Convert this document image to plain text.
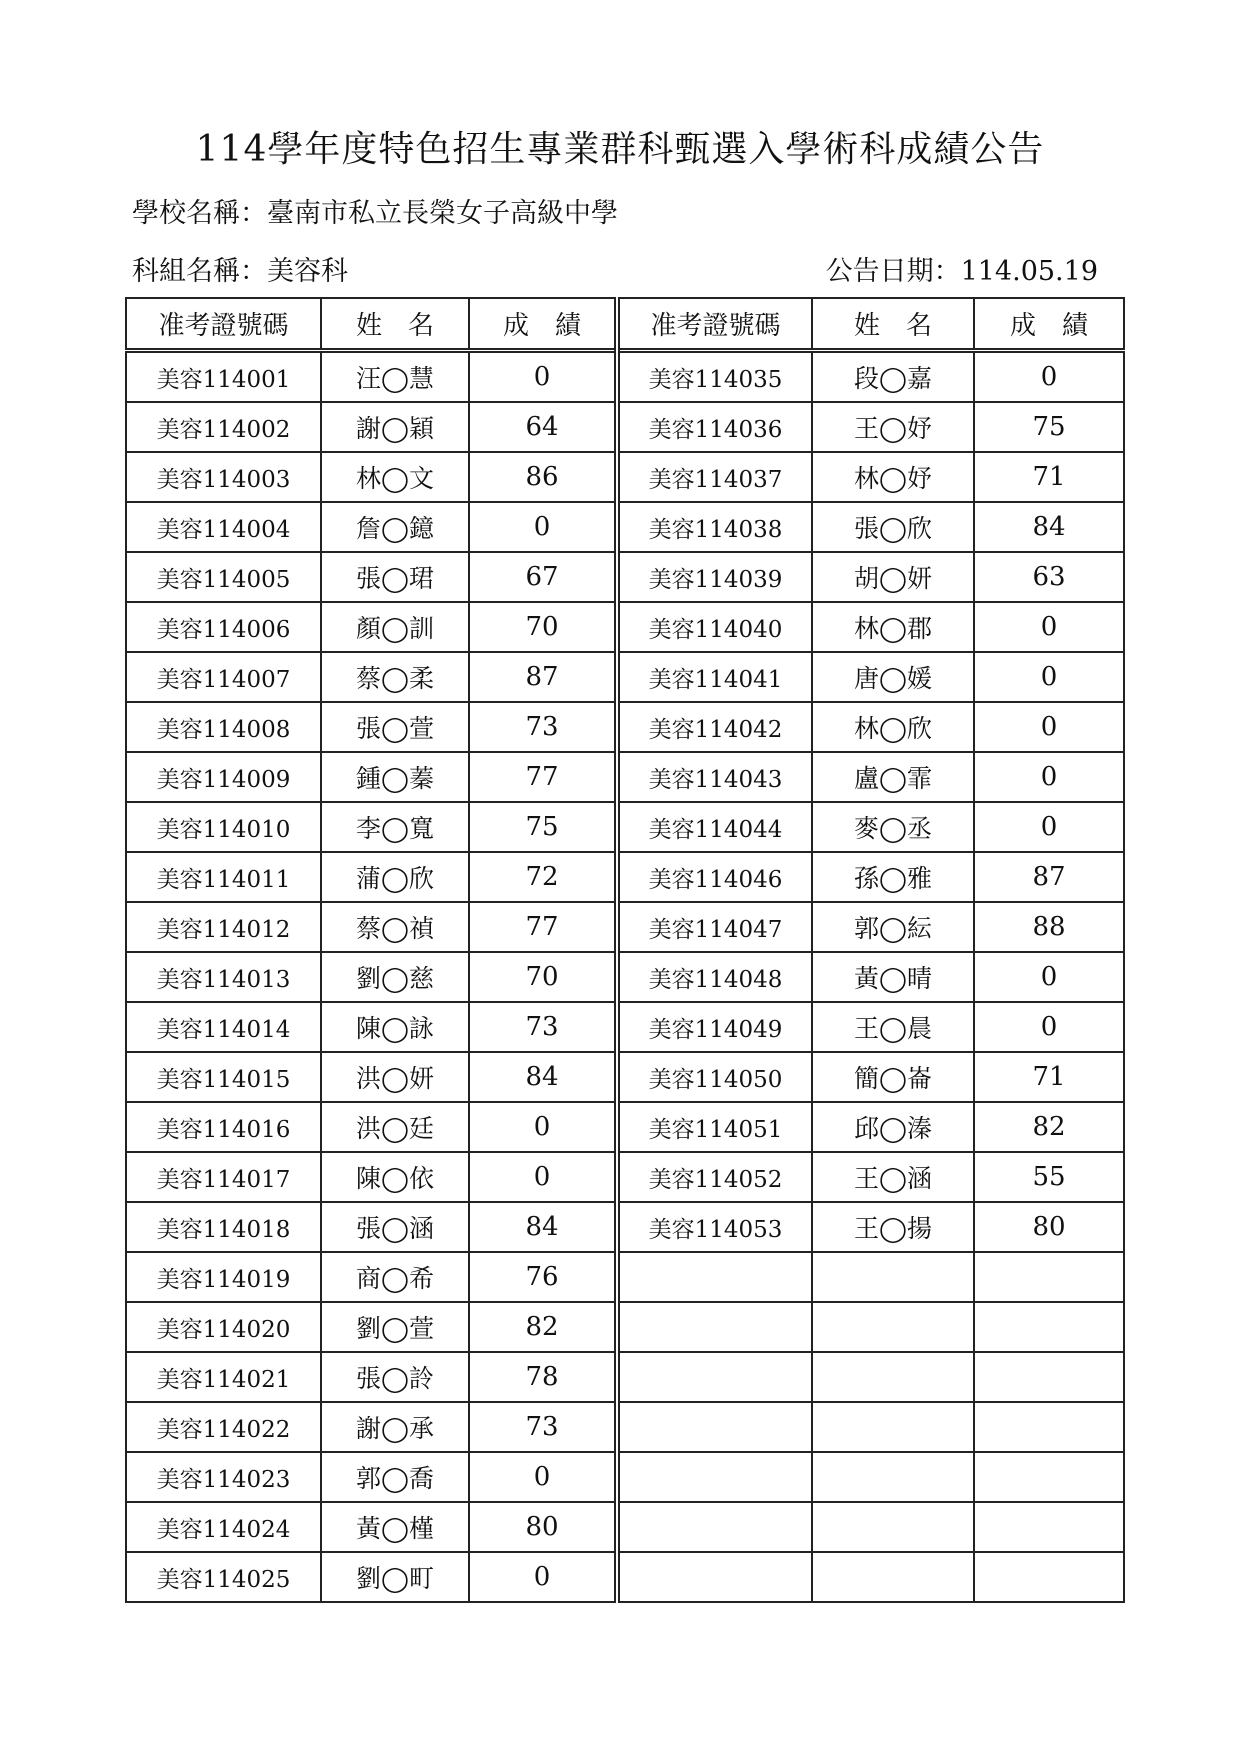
114學年度特色招生專業群科甄選入學術科成績公告
學校名稱：臺南市私立長榮女子高級中學
科組名稱：美容科	公告日期：114.05.19
准考證號碼	姓　名	成　績	准考證號碼	姓　名	成　績
美容114001	汪◯慧	0	美容114035	段◯嘉	0
美容114002	謝◯穎	64	美容114036	王◯妤	75
美容114003	林◯文	86	美容114037	林◯妤	71
美容114004	詹◯鐿	0	美容114038	張◯欣	84
美容114005	張◯珺	67	美容114039	胡◯妍	63
美容114006	顏◯訓	70	美容114040	林◯郡	0
美容114007	蔡◯柔	87	美容114041	唐◯媛	0
美容114008	張◯萱	73	美容114042	林◯欣	0
美容114009	鍾◯蓁	77	美容114043	盧◯霏	0
美容114010	李◯寬	75	美容114044	麥◯丞	0
美容114011	蒲◯欣	72	美容114046	孫◯雅	87
美容114012	蔡◯禎	77	美容114047	郭◯紜	88
美容114013	劉◯慈	70	美容114048	黃◯晴	0
美容114014	陳◯詠	73	美容114049	王◯晨	0
美容114015	洪◯妍	84	美容114050	簡◯崙	71
美容114016	洪◯廷	0	美容114051	邱◯溱	82
美容114017	陳◯依	0	美容114052	王◯涵	55
美容114018	張◯涵	84	美容114053	王◯揚	80
美容114019	商◯希	76			
美容114020	劉◯萱	82			
美容114021	張◯詅	78			
美容114022	謝◯承	73			
美容114023	郭◯喬	0			
美容114024	黃◯槿	80			
美容114025	劉◯町	0			
